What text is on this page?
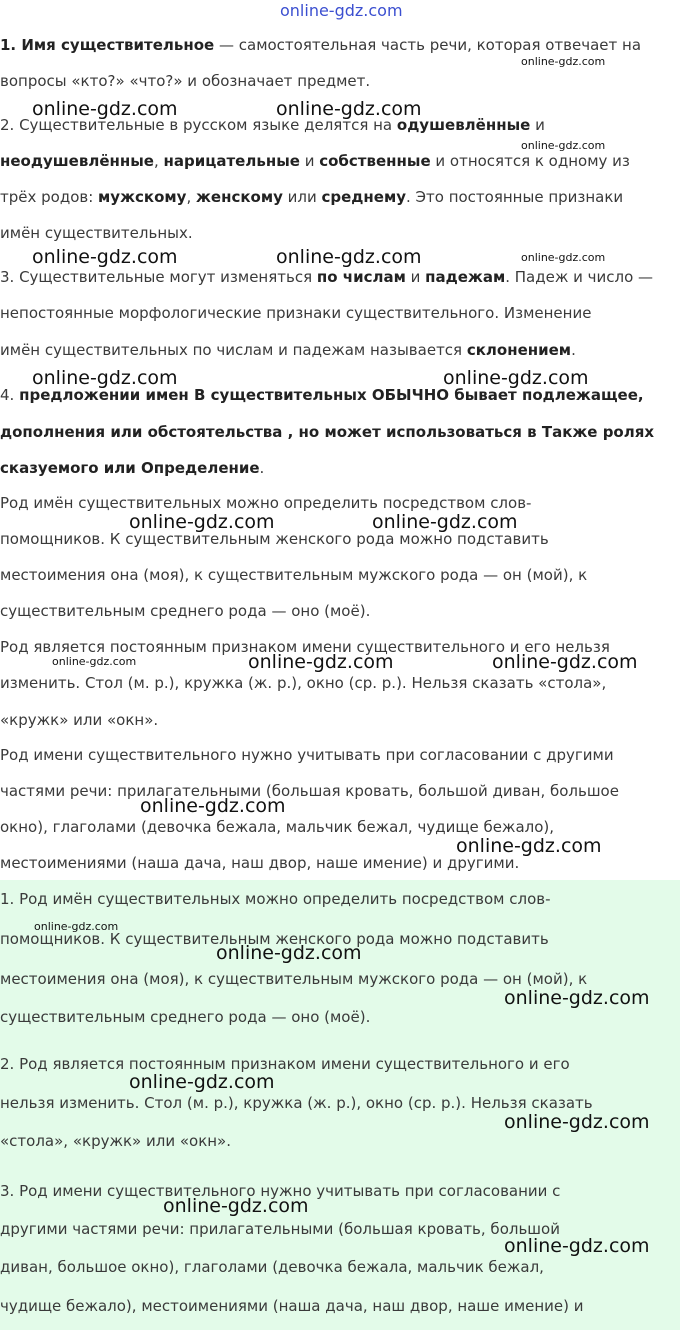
1. Имя существительное — самостоятельная часть речи, которая отвечает на
вопросы «кто?» «что?» и обозначает предмет.
2. Существительные в русском языке делятся на одушевлённые и
неодушевлённые, нарицательные и собственные и относятся к одному из
трёх родов: мужскому, женскому или среднему. Это постоянные признаки
имён существительных.
3. Существительные могут изменяться по числам и падежам. Падеж и число —
непостоянные морфологические признаки существительного. Изменение
имён существительных по числам и падежам называется склонением.
4. предложении имен В существительных ОБЫЧНО бывает подлежащее,
дополнения или обстоятельства , но может использоваться в Также ролях
сказуемого или Определение.
Род имён существительных можно определить посредством слов-
помощников. К существительным женского рода можно подставить
местоимения она (моя), к существительным мужского рода — он (мой), к
существительным среднего рода — оно (моё).
Род является постоянным признаком имени существительного и его нельзя
изменить. Стол (м. р.), кружка (ж. р.), окно (ср. р.). Нельзя сказать «стола»,
«кружк» или «окн».
Род имени существительного нужно учитывать при согласовании с другими
частями речи: прилагательными (большая кровать, большой диван, большое
окно), глаголами (девочка бежала, мальчик бежал, чудище бежало),
местоимениями (наша дача, наш двор, наше имение) и другими.
1. Род имён существительных можно определить посредством слов-
помощников. К существительным женского рода можно подставить
местоимения она (моя), к существительным мужского рода — он (мой), к
существительным среднего рода — оно (моё).
2. Род является постоянным признаком имени существительного и его
нельзя изменить. Стол (м. р.), кружка (ж. р.), окно (ср. р.). Нельзя сказать
«стола», «кружк» или «окн».
3. Род имени существительного нужно учитывать при согласовании с
другими частями речи: прилагательными (большая кровать, большой
диван, большое окно), глаголами (девочка бежала, мальчик бежал,
чудище бежало), местоимениями (наша дача, наш двор, наше имение) и
online-gdz.com
online-gdz.com
online-gdz.com	online-gdz.com
online-gdz.com
online-gdz.com	online-gdz.com	online-gdz.com
online-gdz.com	online-gdz.com
online-gdz.com	online-gdz.com
online-gdz.com	online-gdz.com	online-gdz.com
online-gdz.com
online-gdz.com
online-gdz.com
online-gdz.com
online-gdz.com
online-gdz.com
online-gdz.com
online-gdz.com
online-gdz.com
